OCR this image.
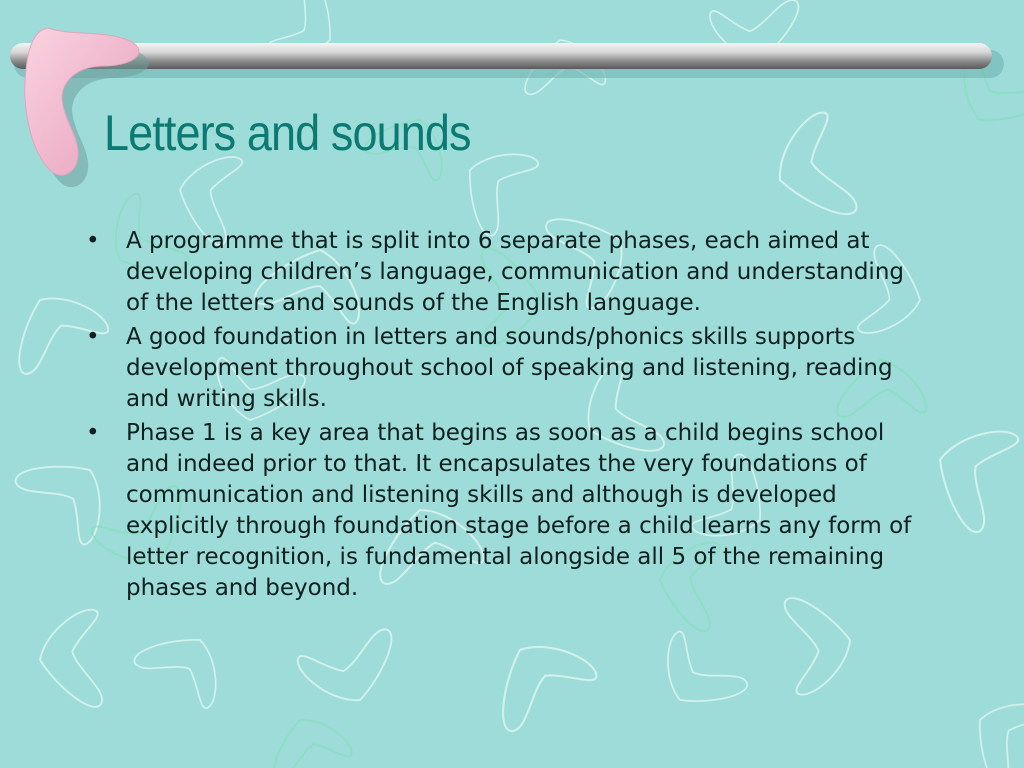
Letters and sounds
• A programme that is split into 6 separate phases, each aimed at developing children’s language, communication and understanding of the letters and sounds of the English language.
• A good foundation in letters and sounds/phonics skills supports development throughout school of speaking and listening, reading and writing skills.
• Phase 1 is a key area that begins as soon as a child begins school and indeed prior to that. It encapsulates the very foundations of communication and listening skills and although is developed explicitly through foundation stage before a child learns any form of letter recognition, is fundamental alongside all 5 of the remaining phases and beyond.
